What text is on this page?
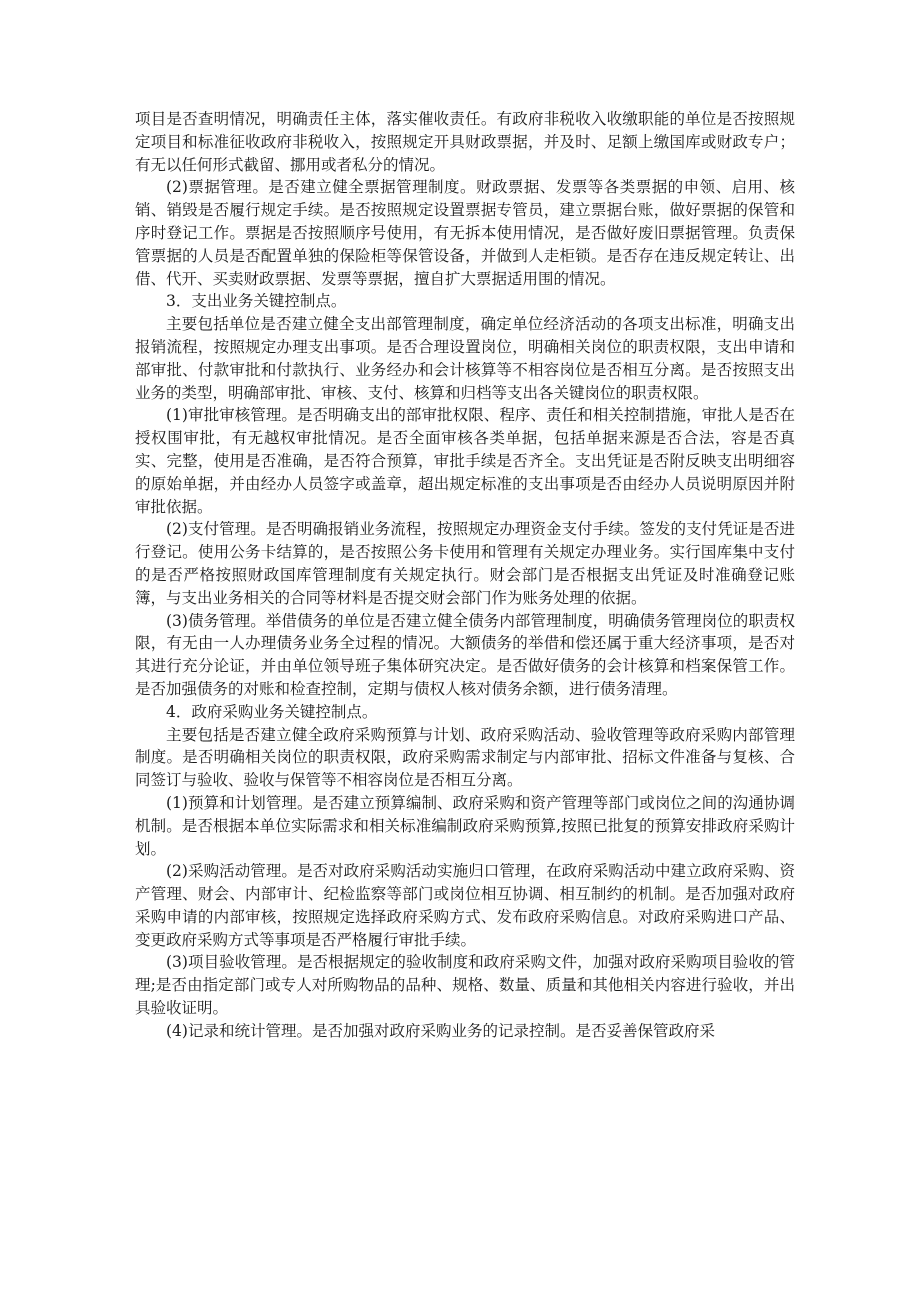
项目是否查明情况，明确责任主体，落实催收责任。有政府非税收入收缴职能的单位是否按照规定项目和标准征收政府非税收入，按照规定开具财政票据，并及时、足额上缴国库或财政专户；有无以任何形式截留、挪用或者私分的情况。

(2)票据管理。是否建立健全票据管理制度。财政票据、发票等各类票据的申领、启用、核销、销毁是否履行规定手续。是否按照规定设置票据专管员，建立票据台账，做好票据的保管和序时登记工作。票据是否按照顺序号使用，有无拆本使用情况，是否做好废旧票据管理。负责保管票据的人员是否配置单独的保险柜等保管设备，并做到人走柜锁。是否存在违反规定转让、出借、代开、买卖财政票据、发票等票据，擅自扩大票据适用围的情况。

3．支出业务关键控制点。

主要包括单位是否建立健全支出部管理制度，确定单位经济活动的各项支出标准，明确支出报销流程，按照规定办理支出事项。是否合理设置岗位，明确相关岗位的职责权限，支出申请和部审批、付款审批和付款执行、业务经办和会计核算等不相容岗位是否相互分离。是否按照支出业务的类型，明确部审批、审核、支付、核算和归档等支出各关键岗位的职责权限。

(1)审批审核管理。是否明确支出的部审批权限、程序、责任和相关控制措施，审批人是否在授权围审批，有无越权审批情况。是否全面审核各类单据，包括单据来源是否合法，容是否真实、完整，使用是否准确，是否符合预算，审批手续是否齐全。支出凭证是否附反映支出明细容的原始单据，并由经办人员签字或盖章，超出规定标准的支出事项是否由经办人员说明原因并附审批依据。

(2)支付管理。是否明确报销业务流程，按照规定办理资金支付手续。签发的支付凭证是否进行登记。使用公务卡结算的，是否按照公务卡使用和管理有关规定办理业务。实行国库集中支付的是否严格按照财政国库管理制度有关规定执行。财会部门是否根据支出凭证及时准确登记账簿，与支出业务相关的合同等材料是否提交财会部门作为账务处理的依据。

(3)债务管理。举借债务的单位是否建立健全债务内部管理制度，明确债务管理岗位的职责权限，有无由一人办理债务业务全过程的情况。大额债务的举借和偿还属于重大经济事项，是否对其进行充分论证，并由单位领导班子集体研究决定。是否做好债务的会计核算和档案保管工作。是否加强债务的对账和检查控制，定期与债权人核对债务余额，进行债务清理。

4．政府采购业务关键控制点。

主要包括是否建立健全政府采购预算与计划、政府采购活动、验收管理等政府采购内部管理制度。是否明确相关岗位的职责权限，政府采购需求制定与内部审批、招标文件准备与复核、合同签订与验收、验收与保管等不相容岗位是否相互分离。

(1)预算和计划管理。是否建立预算编制、政府采购和资产管理等部门或岗位之间的沟通协调机制。是否根据本单位实际需求和相关标准编制政府采购预算,按照已批复的预算安排政府采购计划。

(2)采购活动管理。是否对政府采购活动实施归口管理，在政府采购活动中建立政府采购、资产管理、财会、内部审计、纪检监察等部门或岗位相互协调、相互制约的机制。是否加强对政府采购申请的内部审核，按照规定选择政府采购方式、发布政府采购信息。对政府采购进口产品、变更政府采购方式等事项是否严格履行审批手续。

(3)项目验收管理。是否根据规定的验收制度和政府采购文件，加强对政府采购项目验收的管理;是否由指定部门或专人对所购物品的品种、规格、数量、质量和其他相关内容进行验收，并出具验收证明。

(4)记录和统计管理。是否加强对政府采购业务的记录控制。是否妥善保管政府采
